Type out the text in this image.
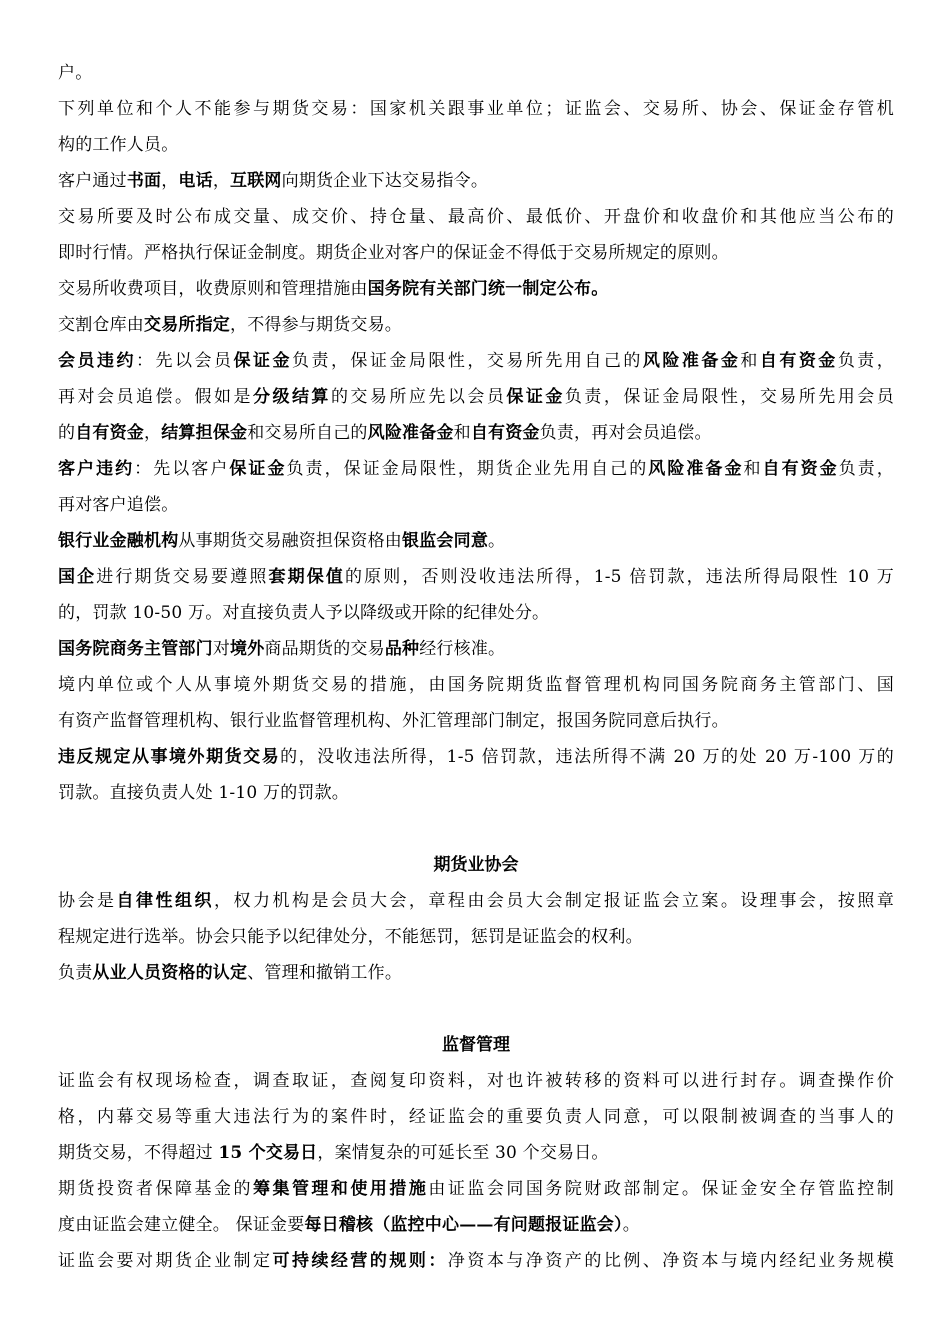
户。
下列单位和个人不能参与期货交易：国家机关跟事业单位；证监会、交易所、协会、保证金存管机
构的工作人员。
客户通过书面，电话，互联网向期货企业下达交易指令。
交易所要及时公布成交量、成交价、持仓量、最高价、最低价、开盘价和收盘价和其他应当公布的
即时行情。严格执行保证金制度。期货企业对客户的保证金不得低于交易所规定的原则。
交易所收费项目，收费原则和管理措施由国务院有关部门统一制定公布。
交割仓库由交易所指定，不得参与期货交易。
会员违约：先以会员保证金负责，保证金局限性，交易所先用自己的风险准备金和自有资金负责，
再对会员追偿。假如是分级结算的交易所应先以会员保证金负责，保证金局限性，交易所先用会员
的自有资金，结算担保金和交易所自己的风险准备金和自有资金负责，再对会员追偿。
客户违约：先以客户保证金负责，保证金局限性，期货企业先用自己的风险准备金和自有资金负责，
再对客户追偿。
银行业金融机构从事期货交易融资担保资格由银监会同意。
国企进行期货交易要遵照套期保值的原则，否则没收违法所得，1-5 倍罚款，违法所得局限性 10 万
的，罚款 10-50 万。对直接负责人予以降级或开除的纪律处分。
国务院商务主管部门对境外商品期货的交易品种经行核准。
境内单位或个人从事境外期货交易的措施，由国务院期货监督管理机构同国务院商务主管部门、国
有资产监督管理机构、银行业监督管理机构、外汇管理部门制定，报国务院同意后执行。
违反规定从事境外期货交易的，没收违法所得，1-5 倍罚款，违法所得不满 20 万的处 20 万-100 万的
罚款。直接负责人处 1-10 万的罚款。
期货业协会
协会是自律性组织，权力机构是会员大会，章程由会员大会制定报证监会立案。设理事会，按照章
程规定进行选举。协会只能予以纪律处分，不能惩罚，惩罚是证监会的权利。
负责从业人员资格的认定、管理和撤销工作。
监督管理
证监会有权现场检查，调查取证，查阅复印资料，对也许被转移的资料可以进行封存。调查操作价
格，内幕交易等重大违法行为的案件时，经证监会的重要负责人同意，可以限制被调查的当事人的
期货交易，不得超过 15 个交易日，案情复杂的可延长至 30 个交易日。
期货投资者保障基金的筹集管理和使用措施由证监会同国务院财政部制定。保证金安全存管监控制
度由证监会建立健全。 保证金要每日稽核（监控中心——有问题报证监会）。
证监会要对期货企业制定可持续经营的规则：净资本与净资产的比例、净资本与境内经纪业务规模
